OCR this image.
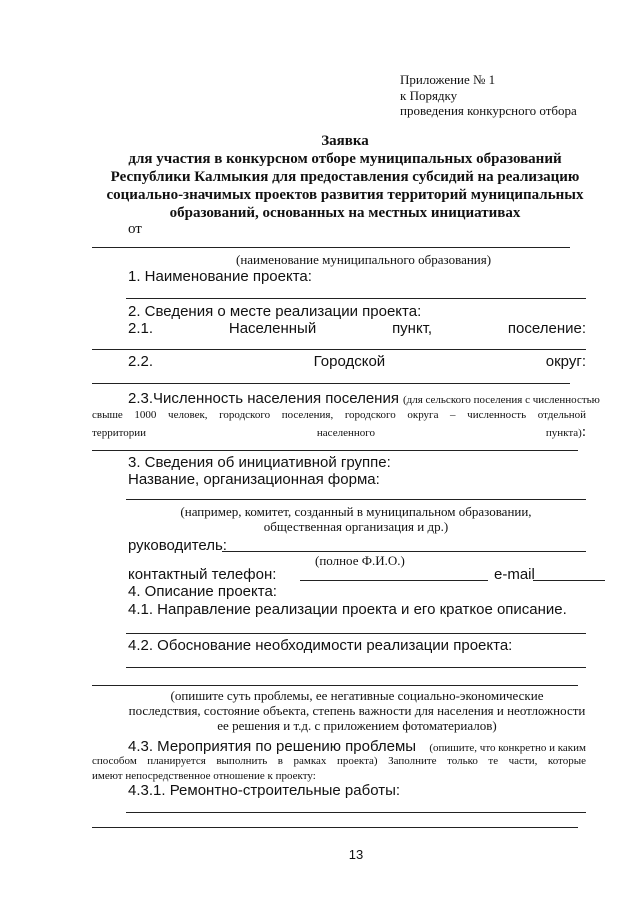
Приложение № 1
к Порядку
проведения конкурсного отбора
Заявка
для участия в конкурсном отборе муниципальных образований
Республики Калмыкия для предоставления субсидий на реализацию
социально-значимых проектов развития территорий муниципальных
образований, основанных на местных инициативах
от
(наименование муниципального образования)
1. Наименование проекта:
2. Сведения о месте реализации проекта:
2.1.	Населенный	пункт,	поселение:
2.2.	Городской	округ:
2.3.Численность населения поселения (для сельского поселения с численностью
свыше 1000 человек, городского поселения, городского округа – численность отдельной
территории	населенного	пункта):
3. Сведения об инициативной группе:
Название, организационная форма:
(например, комитет, созданный в муниципальном образовании,
общественная организация и др.)
руководитель:
(полное Ф.И.О.)
контактный телефон:	e-mail
4. Описание проекта:
4.1. Направление реализации проекта и его краткое описание.
4.2. Обоснование необходимости реализации проекта:
(опишите суть проблемы, ее негативные социально-экономические
последствия, состояние объекта, степень важности для населения и неотложности
ее решения и т.д. с приложением фотоматериалов)
4.3. Мероприятия по решению проблемы (опишите, что конкретно и каким
способом планируется выполнить в рамках проекта) Заполните только те части, которые
имеют непосредственное отношение к проекту:
4.3.1. Ремонтно-строительные работы:
13
